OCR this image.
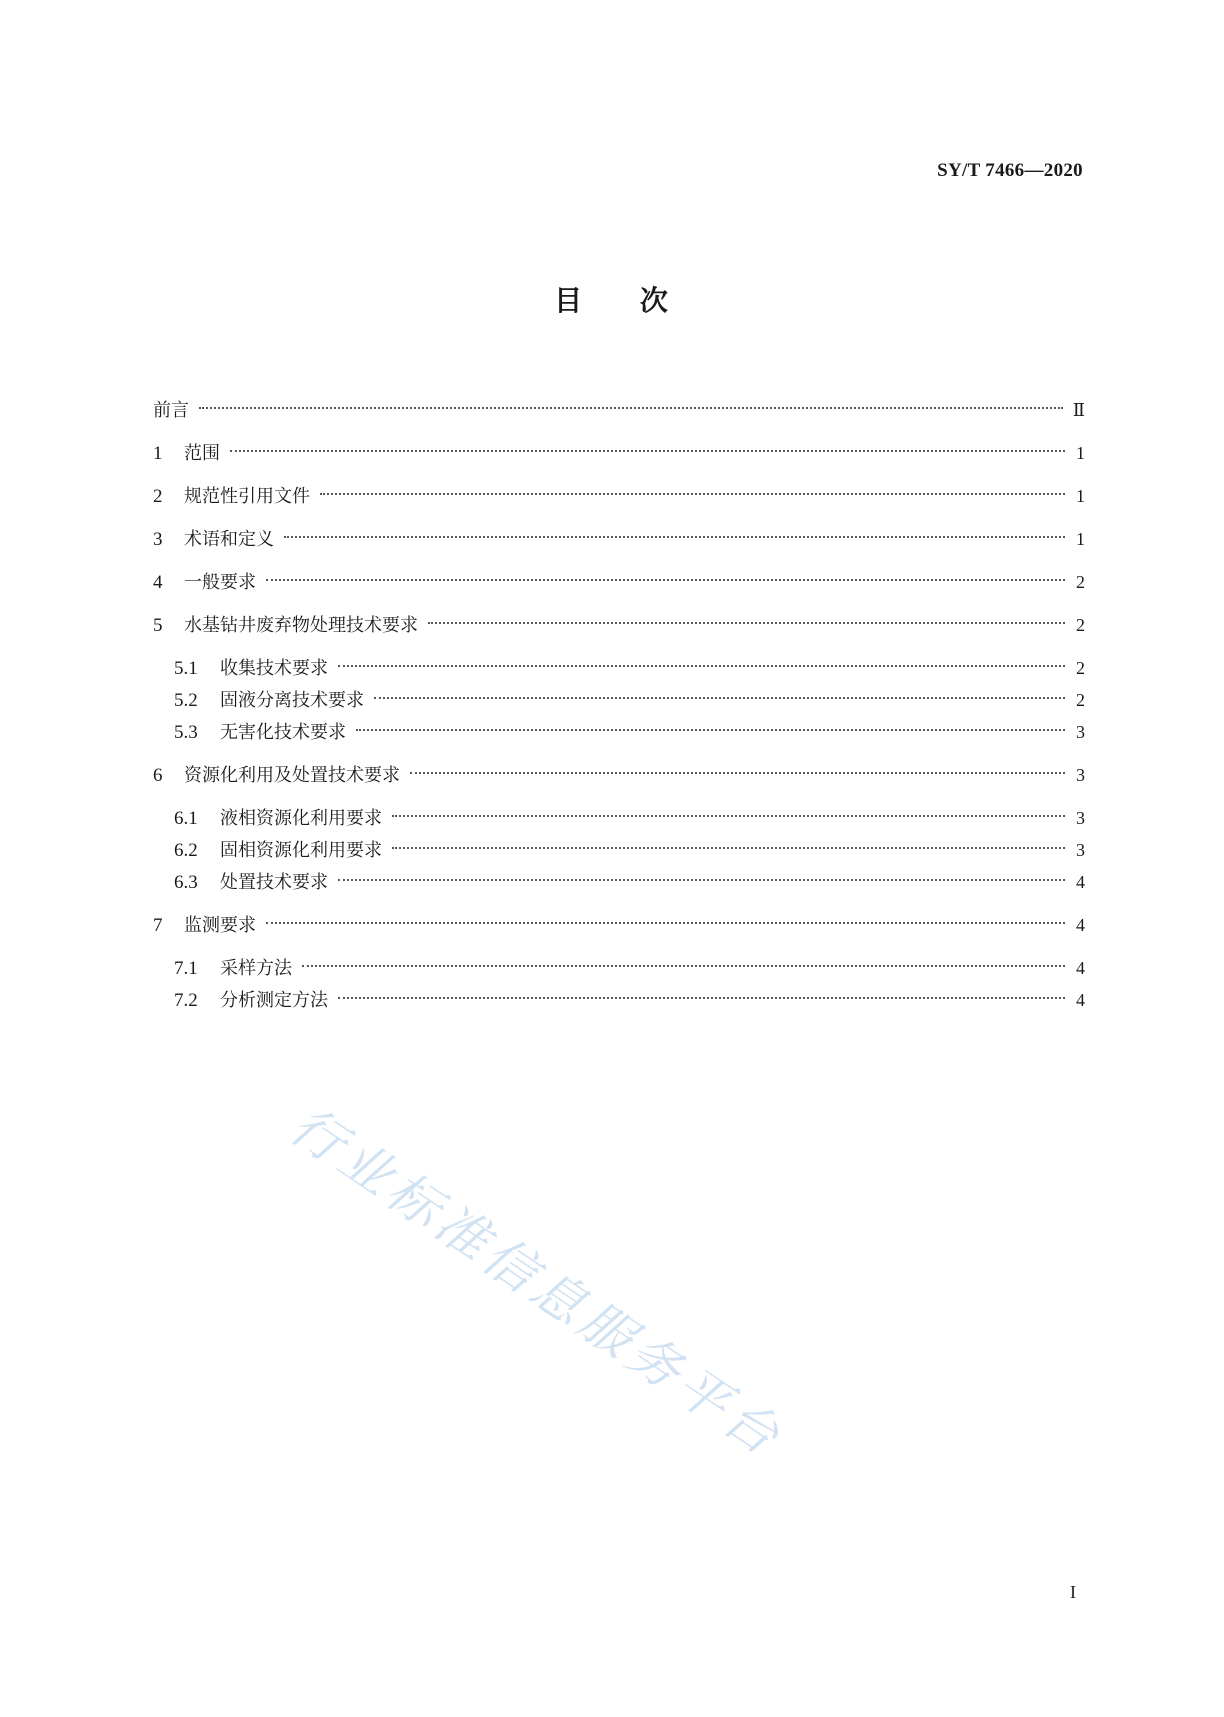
SY/T 7466—2020
目 次
前言	Ⅱ
1	范围	1
2	规范性引用文件	1
3	术语和定义	1
4	一般要求	2
5	水基钻井废弃物处理技术要求	2
5.1	收集技术要求	2
5.2	固液分离技术要求	2
5.3	无害化技术要求	3
6	资源化利用及处置技术要求	3
6.1	液相资源化利用要求	3
6.2	固相资源化利用要求	3
6.3	处置技术要求	4
7	监测要求	4
7.1	采样方法	4
7.2	分析测定方法	4
行业标准信息服务平台
I
